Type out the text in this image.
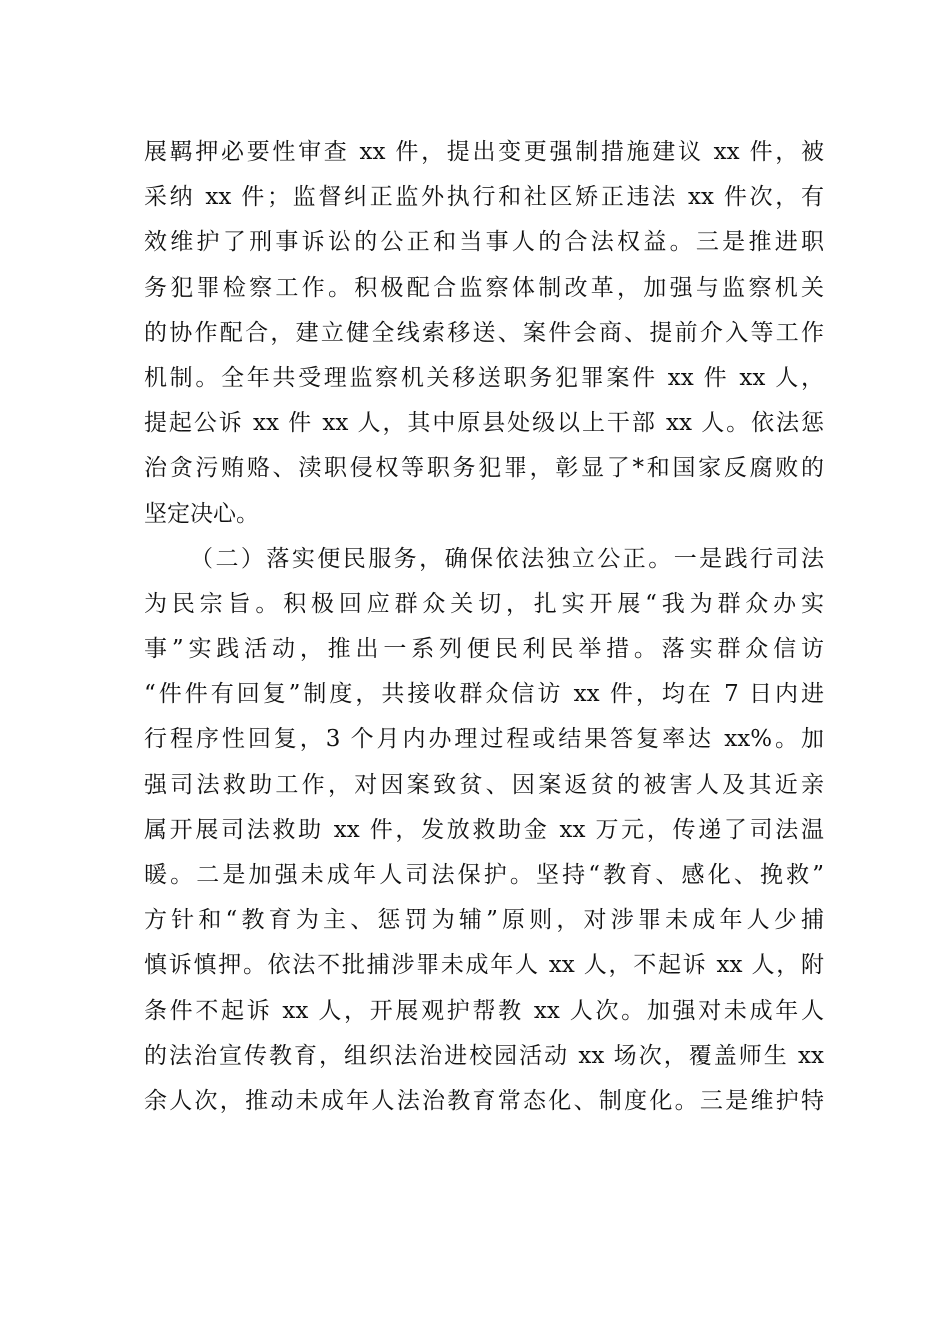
展羁押必要性审查 xx 件，提出变更强制措施建议 xx 件，被
采纳 xx 件；监督纠正监外执行和社区矫正违法 xx 件次，有
效维护了刑事诉讼的公正和当事人的合法权益。三是推进职
务犯罪检察工作。积极配合监察体制改革，加强与监察机关
的协作配合，建立健全线索移送、案件会商、提前介入等工作
机制。全年共受理监察机关移送职务犯罪案件 xx 件 xx 人，
提起公诉 xx 件 xx 人，其中原县处级以上干部 xx 人。依法惩
治贪污贿赂、渎职侵权等职务犯罪，彰显了*和国家反腐败的
坚定决心。
（二）落实便民服务，确保依法独立公正。一是践行司法
为民宗旨。积极回应群众关切，扎实开展“我为群众办实
事”实践活动，推出一系列便民利民举措。落实群众信访
“件件有回复”制度，共接收群众信访 xx 件，均在 7 日内进
行程序性回复，3 个月内办理过程或结果答复率达 xx%。加
强司法救助工作，对因案致贫、因案返贫的被害人及其近亲
属开展司法救助 xx 件，发放救助金 xx 万元，传递了司法温
暖。二是加强未成年人司法保护。坚持“教育、感化、挽救”
方针和“教育为主、惩罚为辅”原则，对涉罪未成年人少捕
慎诉慎押。依法不批捕涉罪未成年人 xx 人，不起诉 xx 人，附
条件不起诉 xx 人，开展观护帮教 xx 人次。加强对未成年人
的法治宣传教育，组织法治进校园活动 xx 场次，覆盖师生 xx
余人次，推动未成年人法治教育常态化、制度化。三是维护特
